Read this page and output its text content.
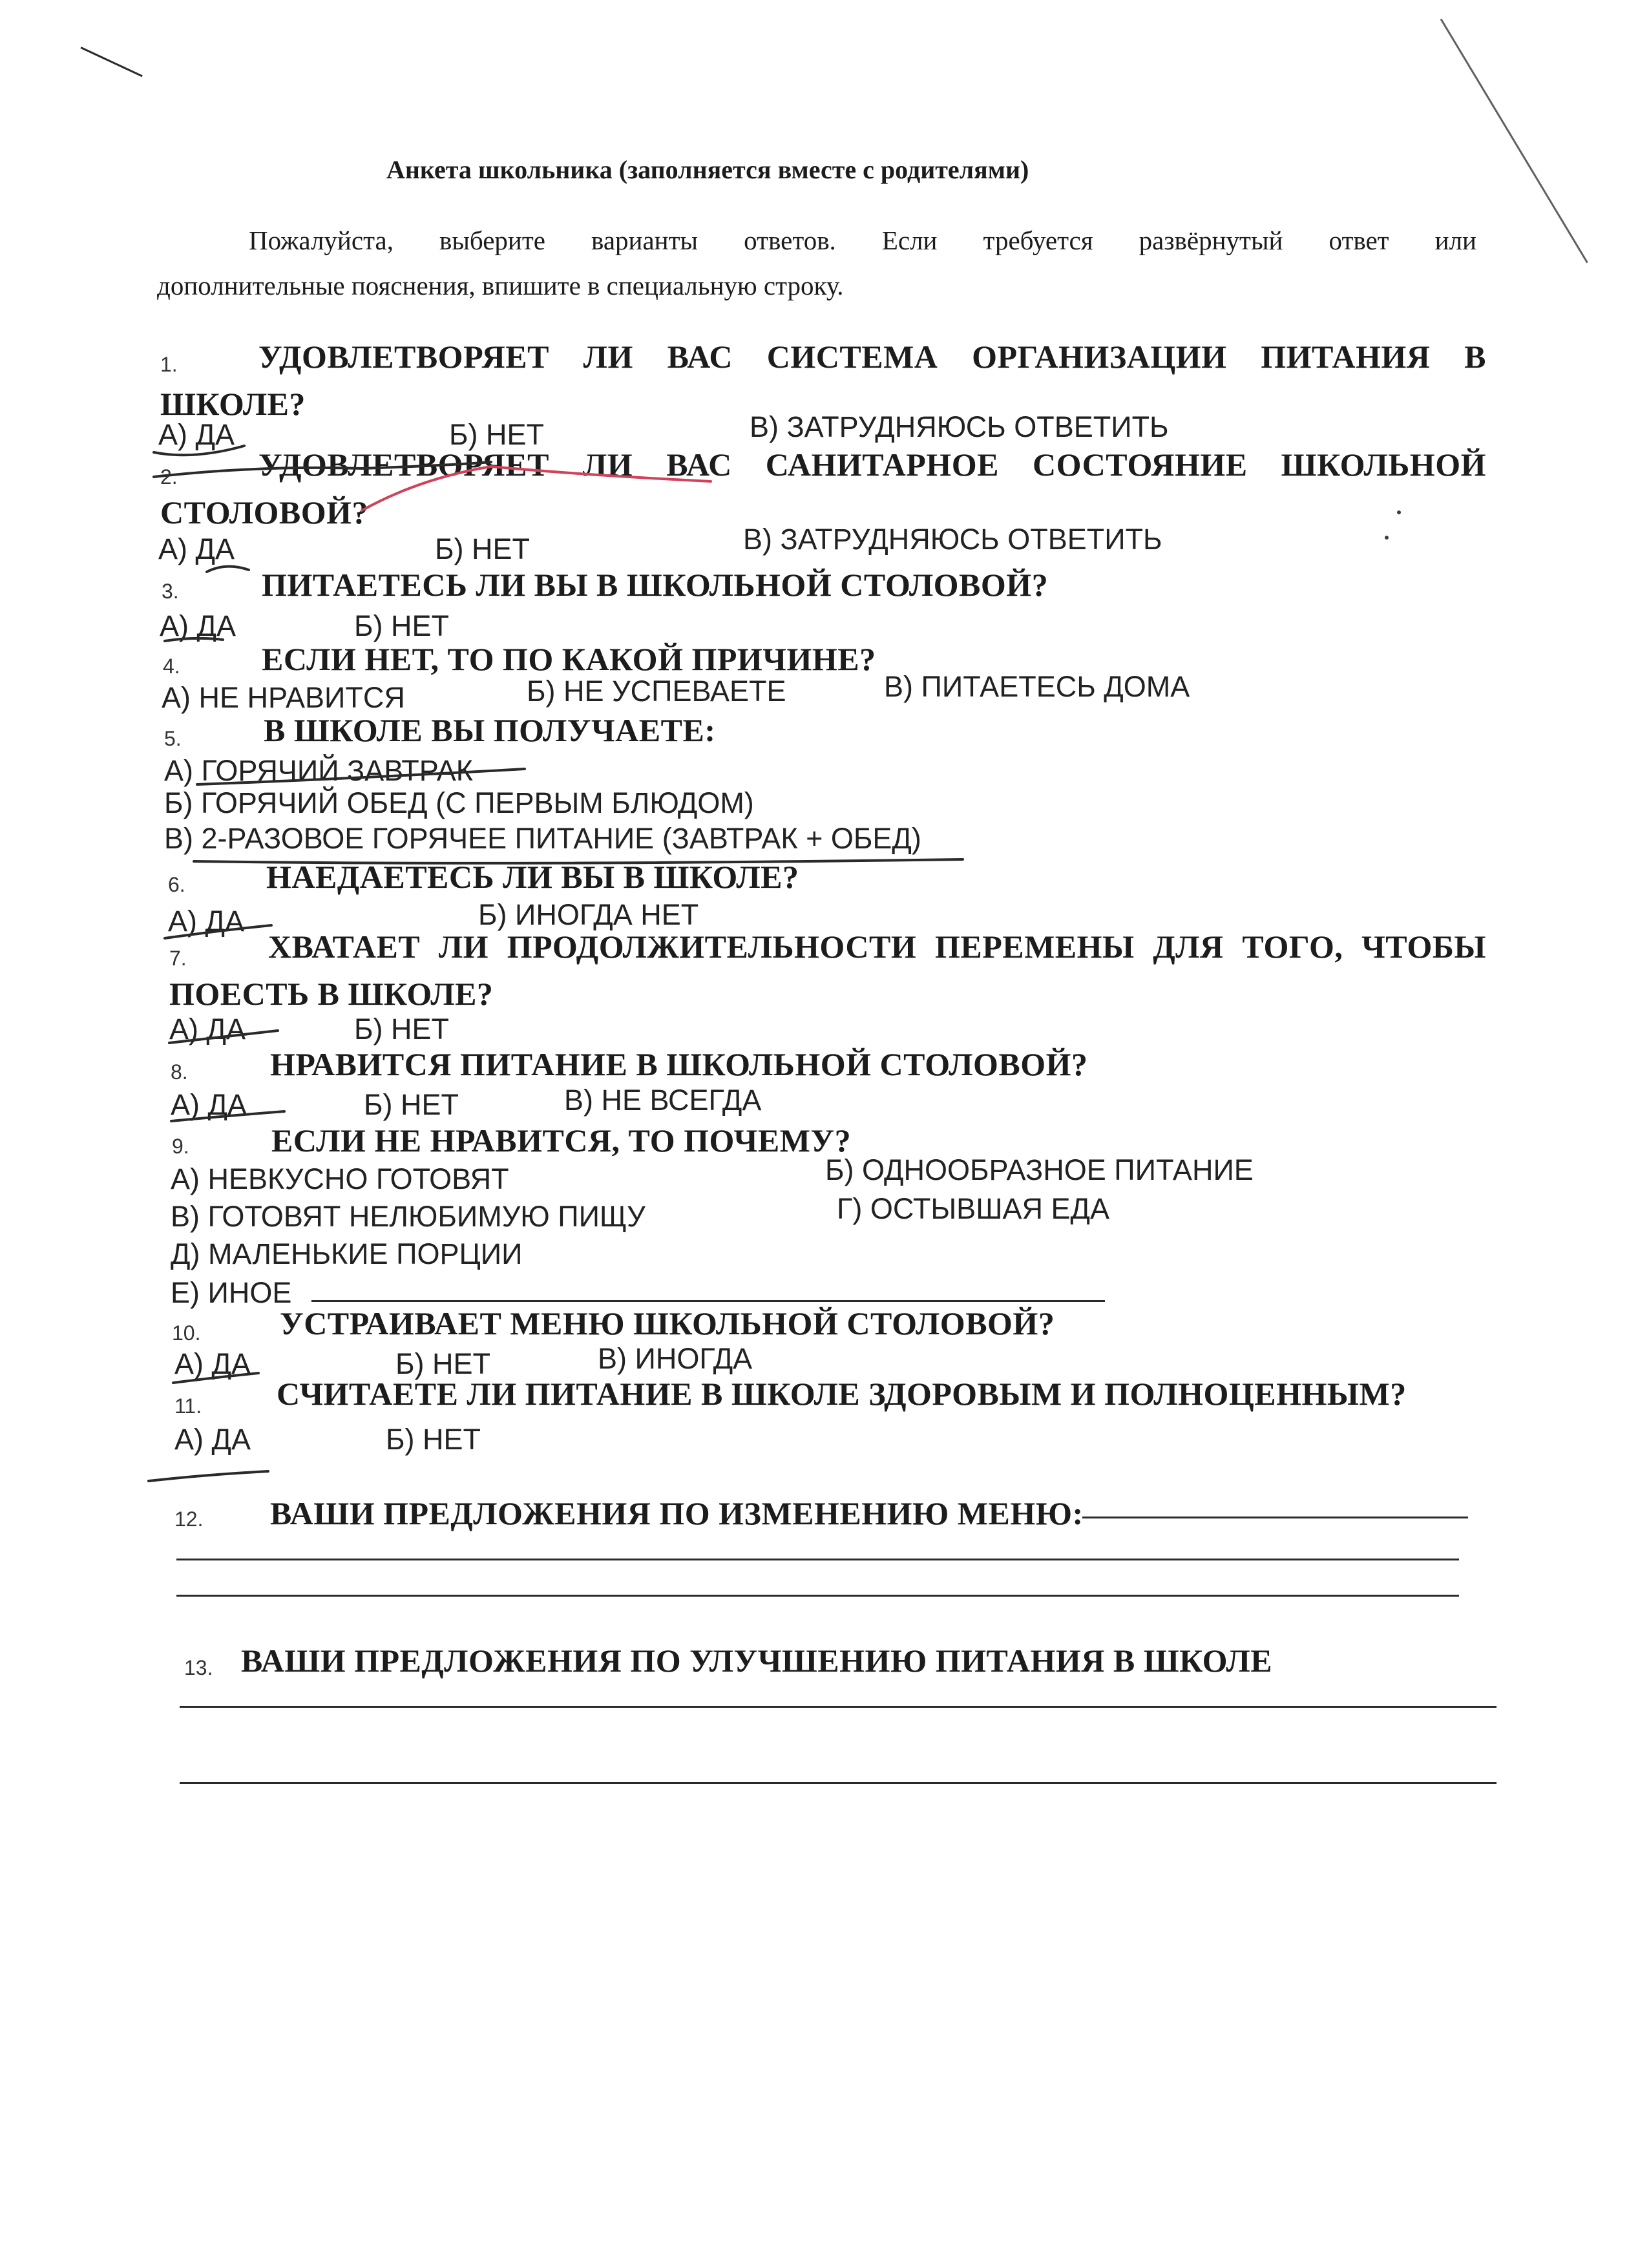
Анкета школьника (заполняется вместе с родителями)
Пожалуйста, выберите варианты ответов. Если требуется развёрнутый ответ или
дополнительные пояснения, впишите в специальную строку.
1.	УДОВЛЕТВОРЯЕТ ЛИ ВАС СИСТЕМА ОРГАНИЗАЦИИ ПИТАНИЯ В
ШКОЛЕ?
А) ДА	Б) НЕТ	В) ЗАТРУДНЯЮСЬ ОТВЕТИТЬ
2.	УДОВЛЕТВОРЯЕТ ЛИ ВАС САНИТАРНОЕ СОСТОЯНИЕ ШКОЛЬНОЙ
СТОЛОВОЙ?
А) ДА	Б) НЕТ	В) ЗАТРУДНЯЮСЬ ОТВЕТИТЬ
3.	ПИТАЕТЕСЬ ЛИ ВЫ В ШКОЛЬНОЙ СТОЛОВОЙ?
А) ДА	Б) НЕТ
4.	ЕСЛИ НЕТ, ТО ПО КАКОЙ ПРИЧИНЕ?
А) НЕ НРАВИТСЯ	Б) НЕ УСПЕВАЕТЕ	В) ПИТАЕТЕСЬ ДОМА
5.	В ШКОЛЕ ВЫ ПОЛУЧАЕТЕ:
А) ГОРЯЧИЙ ЗАВТРАК
Б) ГОРЯЧИЙ ОБЕД (С ПЕРВЫМ БЛЮДОМ)
В) 2-РАЗОВОЕ ГОРЯЧЕЕ ПИТАНИЕ (ЗАВТРАК + ОБЕД)
6.	НАЕДАЕТЕСЬ ЛИ ВЫ В ШКОЛЕ?
А) ДА	Б) ИНОГДА НЕТ
7.	ХВАТАЕТ ЛИ ПРОДОЛЖИТЕЛЬНОСТИ ПЕРЕМЕНЫ ДЛЯ ТОГО, ЧТОБЫ
ПОЕСТЬ В ШКОЛЕ?
А) ДА	Б) НЕТ
8.	НРАВИТСЯ ПИТАНИЕ В ШКОЛЬНОЙ СТОЛОВОЙ?
А) ДА	Б) НЕТ	В) НЕ ВСЕГДА
9.	ЕСЛИ НЕ НРАВИТСЯ, ТО ПОЧЕМУ?
А) НЕВКУСНО ГОТОВЯТ	Б) ОДНООБРАЗНОЕ ПИТАНИЕ
В) ГОТОВЯТ НЕЛЮБИМУЮ ПИЩУ	Г) ОСТЫВШАЯ ЕДА
Д) МАЛЕНЬКИЕ ПОРЦИИ
Е) ИНОЕ
10. УСТРАИВАЕТ МЕНЮ ШКОЛЬНОЙ СТОЛОВОЙ?
А) ДА	Б) НЕТ	В) ИНОГДА
11. СЧИТАЕТЕ ЛИ ПИТАНИЕ В ШКОЛЕ ЗДОРОВЫМ И ПОЛНОЦЕННЫМ?
А) ДА	Б) НЕТ
12. ВАШИ ПРЕДЛОЖЕНИЯ ПО ИЗМЕНЕНИЮ МЕНЮ:
13. ВАШИ ПРЕДЛОЖЕНИЯ ПО УЛУЧШЕНИЮ ПИТАНИЯ В ШКОЛЕ
